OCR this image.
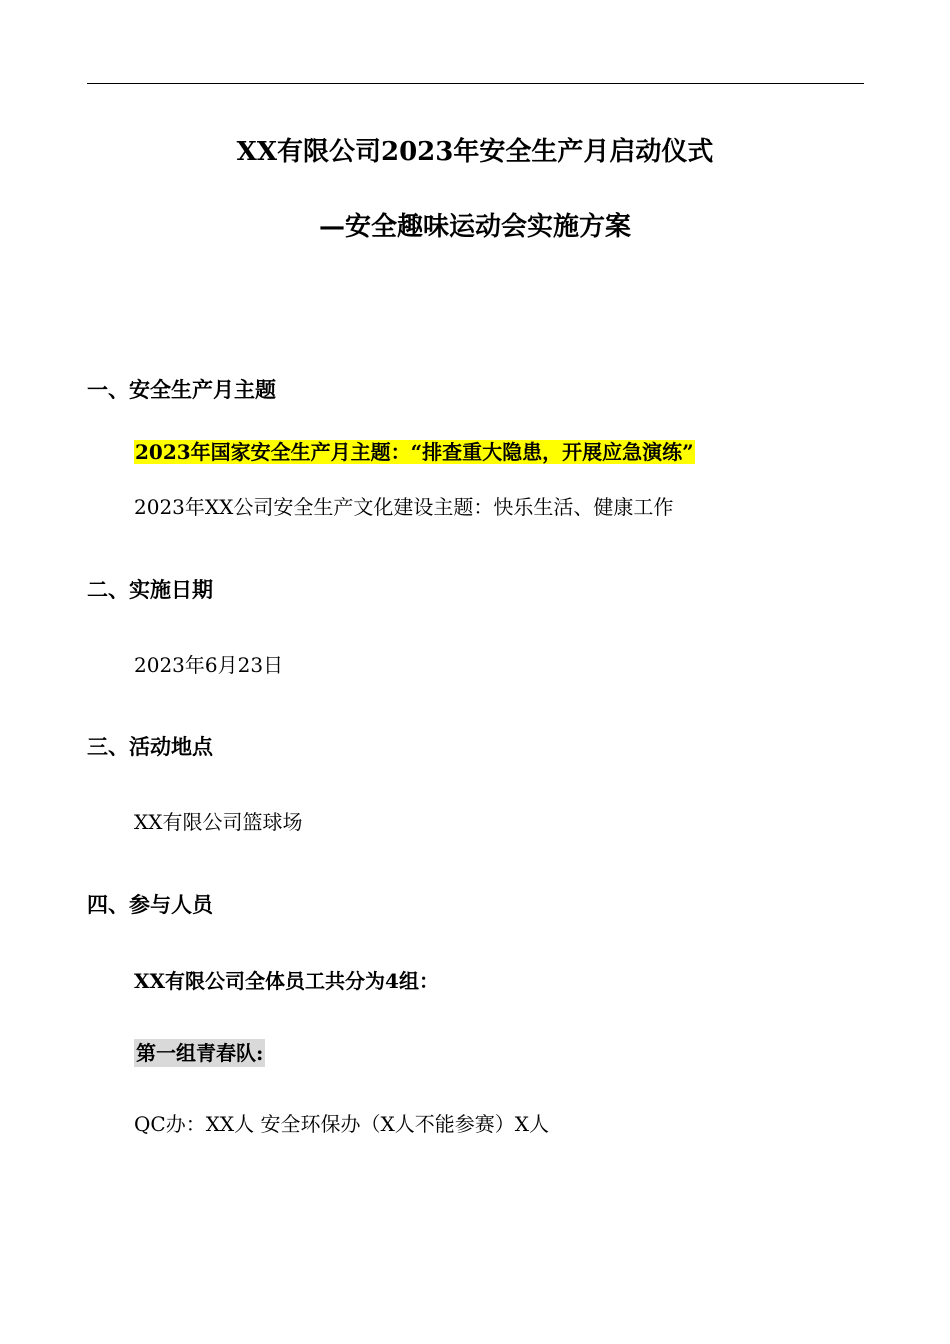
XX有限公司2023年安全生产月启动仪式
—安全趣味运动会实施方案
一、安全生产月主题
2023年国家安全生产月主题：“排查重大隐患，开展应急演练”
2023年XX公司安全生产文化建设主题：快乐生活、健康工作
二、实施日期
2023年6月23日
三、活动地点
XX有限公司篮球场
四、参与人员
XX有限公司全体员工共分为4组：
第一组青春队:
QC办：XX人 安全环保办（X人不能参赛）X人
